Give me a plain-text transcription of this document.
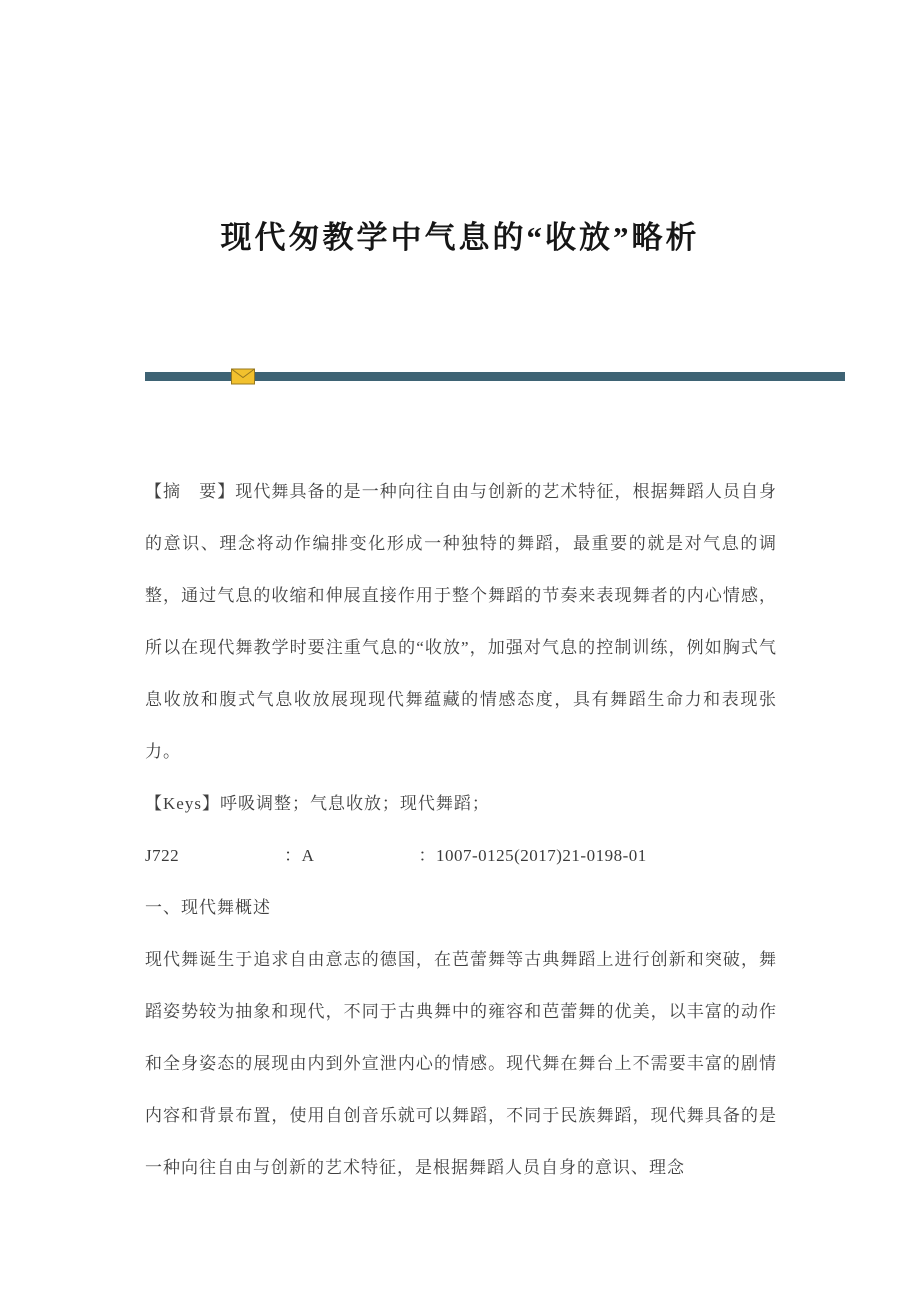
现代匆教学中气息的“收放”略析

【摘　要】现代舞具备的是一种向往自由与创新的艺术特征，根据舞蹈人员自身的意识、理念将动作编排变化形成一种独特的舞蹈，最重要的就是对气息的调整，通过气息的收缩和伸展直接作用于整个舞蹈的节奏来表现舞者的内心情感，所以在现代舞教学时要注重气息的“收放”，加强对气息的控制训练，例如胸式气息收放和腹式气息收放展现现代舞蕴藏的情感态度，具有舞蹈生命力和表现张力。

【Keys】呼吸调整；气息收放；现代舞蹈；

J722　　　　　　：A　　　　　　：1007-0125(2017)21-0198-01

一、现代舞概述

现代舞诞生于追求自由意志的德国，在芭蕾舞等古典舞蹈上进行创新和突破，舞蹈姿势较为抽象和现代，不同于古典舞中的雍容和芭蕾舞的优美，以丰富的动作和全身姿态的展现由内到外宣泄内心的情感。现代舞在舞台上不需要丰富的剧情内容和背景布置，使用自创音乐就可以舞蹈，不同于民族舞蹈，现代舞具备的是一种向往自由与创新的艺术特征，是根据舞蹈人员自身的意识、理念
